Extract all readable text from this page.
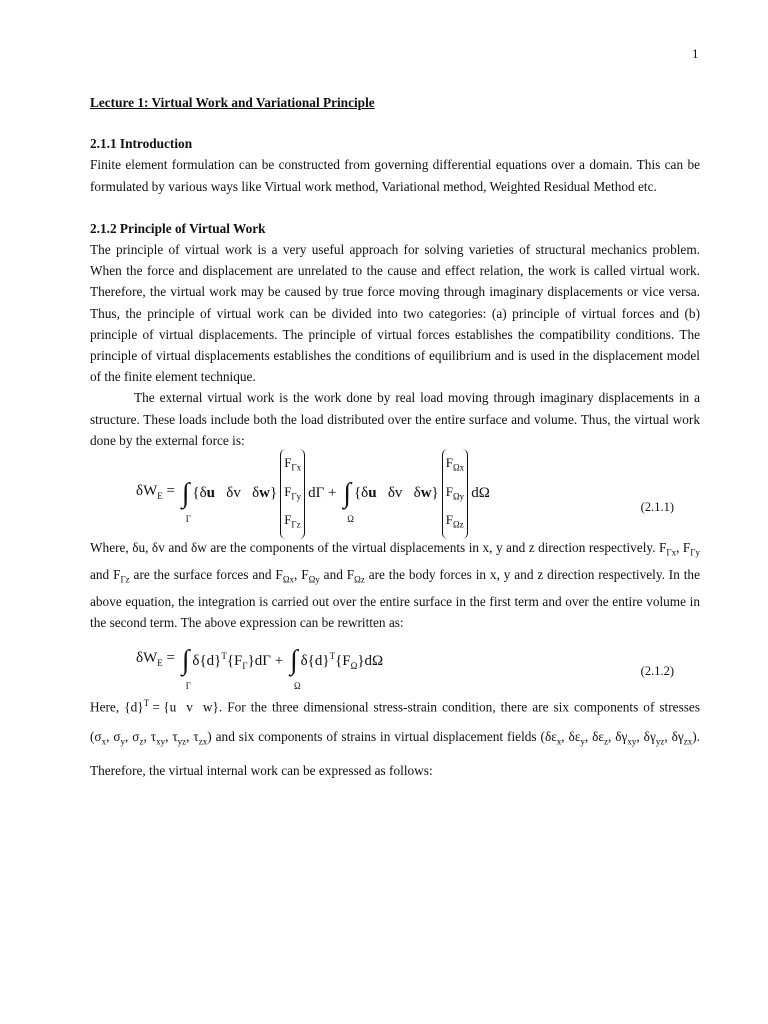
1
Lecture 1: Virtual Work and Variational Principle
2.1.1 Introduction

Finite element formulation can be constructed from governing differential equations over a domain. This can be formulated by various ways like Virtual work method, Variational method, Weighted Residual Method etc.

2.1.2 Principle of Virtual Work

The principle of virtual work is a very useful approach for solving varieties of structural mechanics problem. When the force and displacement are unrelated to the cause and effect relation, the work is called virtual work. Therefore, the virtual work may be caused by true force moving through imaginary displacements or vice versa. Thus, the principle of virtual work can be divided into two categories: (a) principle of virtual forces and (b) principle of virtual displacements. The principle of virtual forces establishes the compatibility conditions. The principle of virtual displacements establishes the conditions of equilibrium and is used in the displacement model of the finite element technique.

The external virtual work is the work done by real load moving through imaginary displacements in a structure. These loads include both the load distributed over the entire surface and volume. Thus, the virtual work done by the external force is:

$\delta W_E$ = ∫
Γ
{δu   δv   δw}
$F_{\Gamma x}$
$F_{\Gamma y}$
$F_{\Gamma z}$
dΓ + ∫
Ω
{δu   δv   δw}
$F_{\Omega x}$
$F_{\Omega y}$
$F_{\Omega z}$
dΩ
(2.1.1)

Where, δu, δv and δw are the components of the virtual displacements in x, y and z direction respectively. $F_{\Gamma x}$, $F_{\Gamma y}$ and $F_{\Gamma z}$ are the surface forces and $F_{\Omega x}$, $F_{\Omega y}$ and $F_{\Omega z}$ are the body forces in x, y and z direction respectively. In the above equation, the integration is carried out over the entire surface in the first term and over the entire volume in the second term. The above expression can be rewritten as:

$\delta W_E$ = ∫
Γ
$\delta\{d\}^T\{F_\Gamma\}d\Gamma$ + ∫
Ω
$\delta\{d\}^T\{F_\Omega\}d\Omega$
(2.1.2)

Here, $\{d\}^T = \{u$   v   w}. For the three dimensional stress-strain condition, there are six components of stresses ($\sigma_x$, $\sigma_y$, $\sigma_z$, $\tau_{xy}$, $\tau_{yz}$, $\tau_{zx}$) and six components of strains in virtual displacement fields ($\delta\varepsilon_x$, $\delta\varepsilon_y$, $\delta\varepsilon_z$, $\delta\gamma_{xy}$, $\delta\gamma_{yz}$, $\delta\gamma_{zx}$). Therefore, the virtual internal work can be expressed as follows:
